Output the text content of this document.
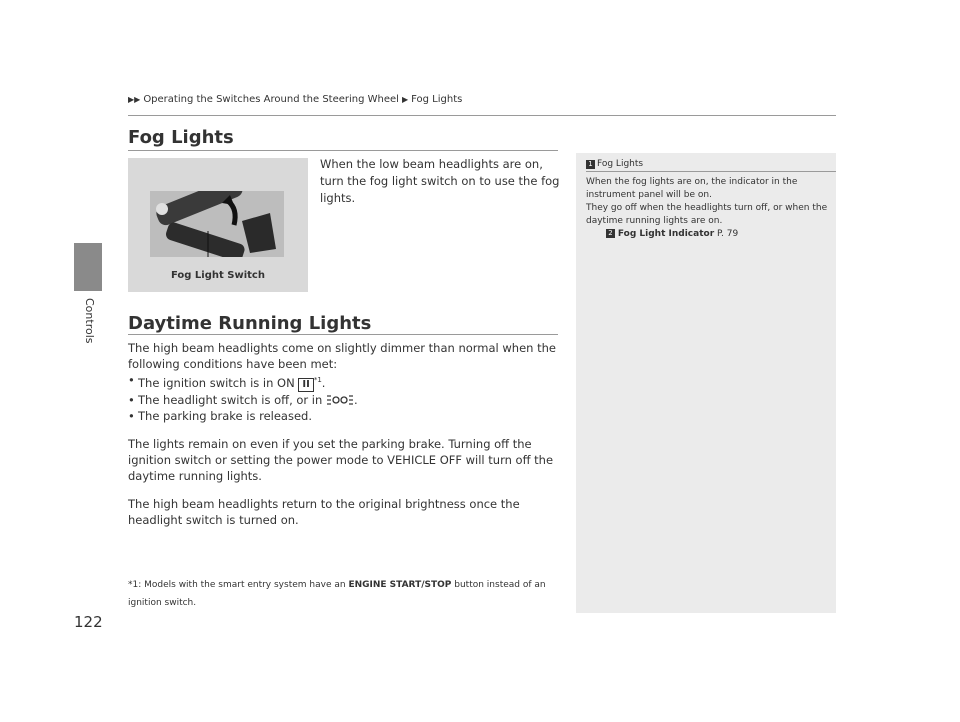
Controls
122
▶▶ Operating the Switches Around the Steering Wheel ▶ Fog Lights
Fog Lights
Fog Light Switch
When the low beam headlights are on, turn the fog light switch on to use the fog lights.
Daytime Running Lights

The high beam headlights come on slightly dimmer than normal when the following conditions have been met:

• The ignition switch is in ON II $^{*1}$.
• The headlight switch is off, or in	.
• The parking brake is released.

The lights remain on even if you set the parking brake. Turning off the ignition switch or setting the power mode to VEHICLE OFF will turn off the daytime running lights.

The high beam headlights return to the original brightness once the headlight switch is turned on.

*1: Models with the smart entry system have an ENGINE START/STOP button instead of an ignition switch.
1 Fog Lights

When the fog lights are on, the indicator in the instrument panel will be on.

They go off when the headlights turn off, or when the daytime running lights are on.

2 Fog Light Indicator P. 79
